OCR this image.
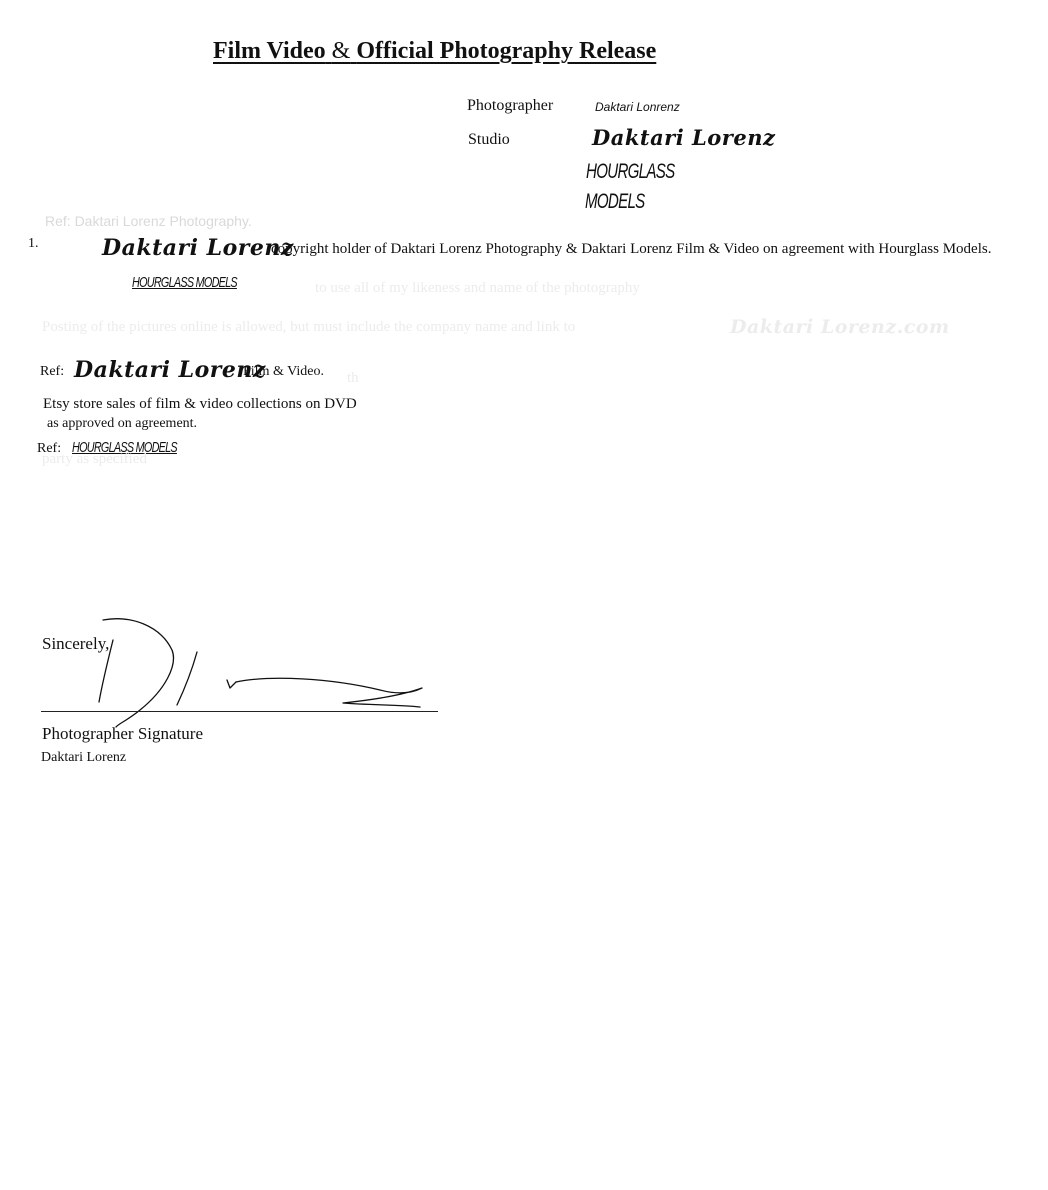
Film Video & Official Photography Release
Photographer	Daktari Lonrenz
Studio	Daktari Lorenz
HOURGLASS
MODELS
Ref: Daktari Lorenz Photography.
1.	Daktari Lorenz
copyright holder of Daktari Lorenz Photography & Daktari Lorenz Film & Video on agreement with Hourglass Models.
HOURGLASS MODELS	to use all of my likeness and name of the photography
Posting of the pictures online is allowed, but must include the company name and link to	Daktari Lorenz.com
Ref: Daktari Lorenz
Film & Video. th
Etsy store sales of film & video collections on DVD
as approved on agreement.
Ref: HOURGLASS MODELS
party as specified
Sincerely,
Photographer Signature
Daktari Lorenz
